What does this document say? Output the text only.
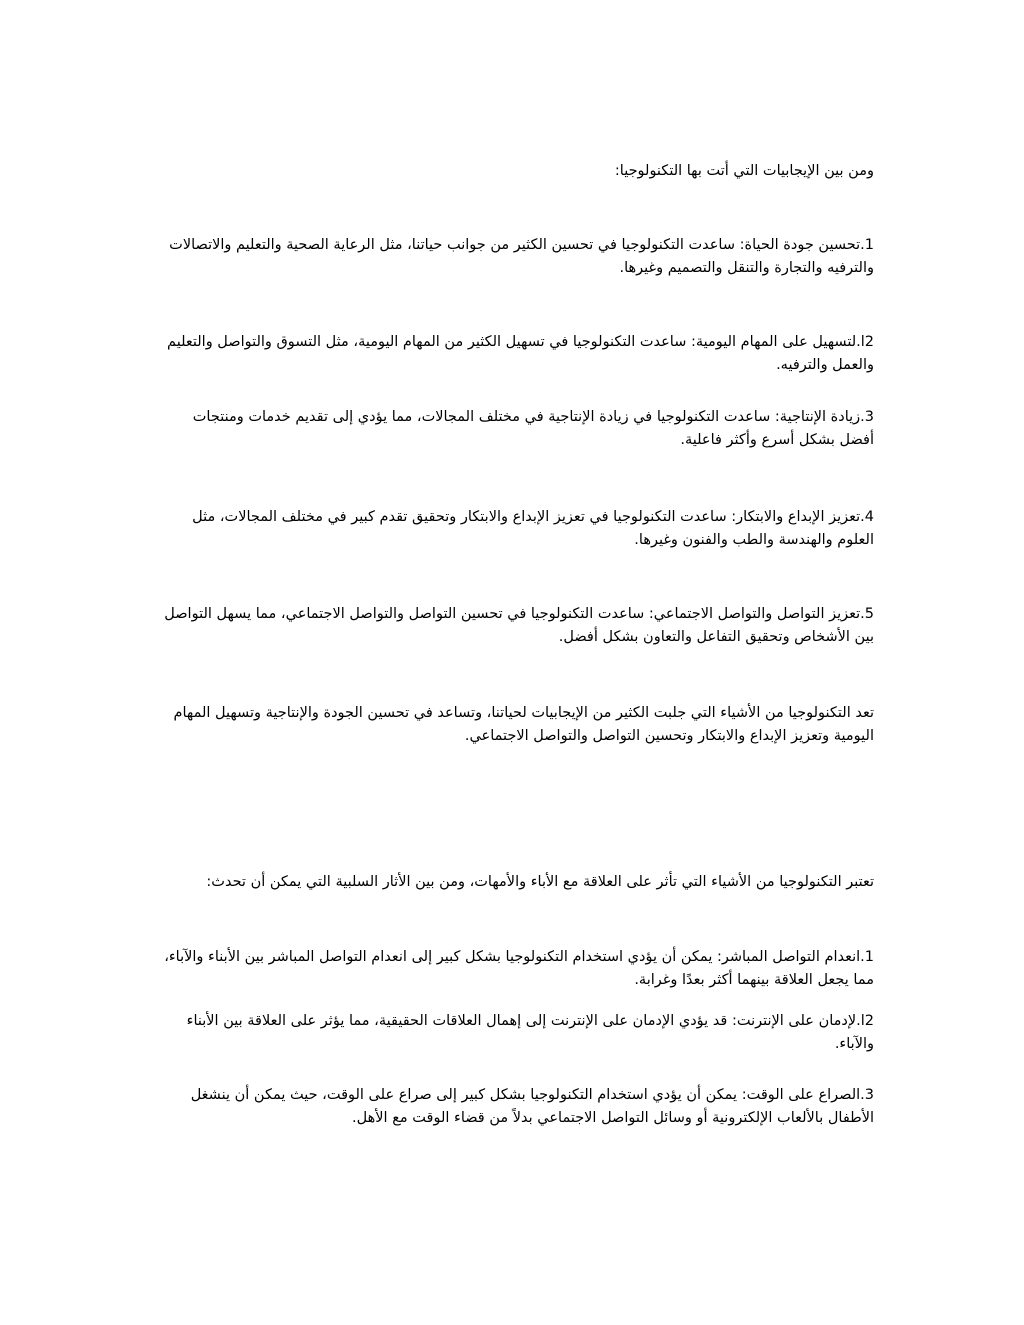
ومن بين الإيجابيات التي أتت بها التكنولوجيا:

1.تحسين جودة الحياة: ساعدت التكنولوجيا في تحسين الكثير من جوانب حياتنا، مثل الرعاية الصحية والتعليم والاتصالات والترفيه والتجارة والتنقل والتصميم وغيرها.

2ا.لتسهيل على المهام اليومية: ساعدت التكنولوجيا في تسهيل الكثير من المهام اليومية، مثل التسوق والتواصل والتعليم والعمل والترفيه.

3.زيادة الإنتاجية: ساعدت التكنولوجيا في زيادة الإنتاجية في مختلف المجالات، مما يؤدي إلى تقديم خدمات ومنتجات أفضل بشكل أسرع وأكثر فاعلية.

4.تعزيز الإبداع والابتكار: ساعدت التكنولوجيا في تعزيز الإبداع والابتكار وتحقيق تقدم كبير في مختلف المجالات، مثل العلوم والهندسة والطب والفنون وغيرها.

5.تعزيز التواصل والتواصل الاجتماعي: ساعدت التكنولوجيا في تحسين التواصل والتواصل الاجتماعي، مما يسهل التواصل بين الأشخاص وتحقيق التفاعل والتعاون بشكل أفضل.

تعد التكنولوجيا من الأشياء التي جلبت الكثير من الإيجابيات لحياتنا، وتساعد في تحسين الجودة والإنتاجية وتسهيل المهام اليومية وتعزيز الإبداع والابتكار وتحسين التواصل والتواصل الاجتماعي.

تعتبر التكنولوجيا من الأشياء التي تأثر على العلاقة مع الأباء والأمهات، ومن بين الأثار السلبية التي يمكن أن تحدث:

1.انعدام التواصل المباشر: يمكن أن يؤدي استخدام التكنولوجيا بشكل كبير إلى انعدام التواصل المباشر بين الأبناء والآباء، مما يجعل العلاقة بينهما أكثر بعدًا وغرابة.

2ا.لإدمان على الإنترنت: قد يؤدي الإدمان على الإنترنت إلى إهمال العلاقات الحقيقية، مما يؤثر على العلاقة بين الأبناء والآباء.

3.الصراع على الوقت: يمكن أن يؤدي استخدام التكنولوجيا بشكل كبير إلى صراع على الوقت، حيث يمكن أن ينشغل الأطفال بالألعاب الإلكترونية أو وسائل التواصل الاجتماعي بدلاً من قضاء الوقت مع الأهل.
